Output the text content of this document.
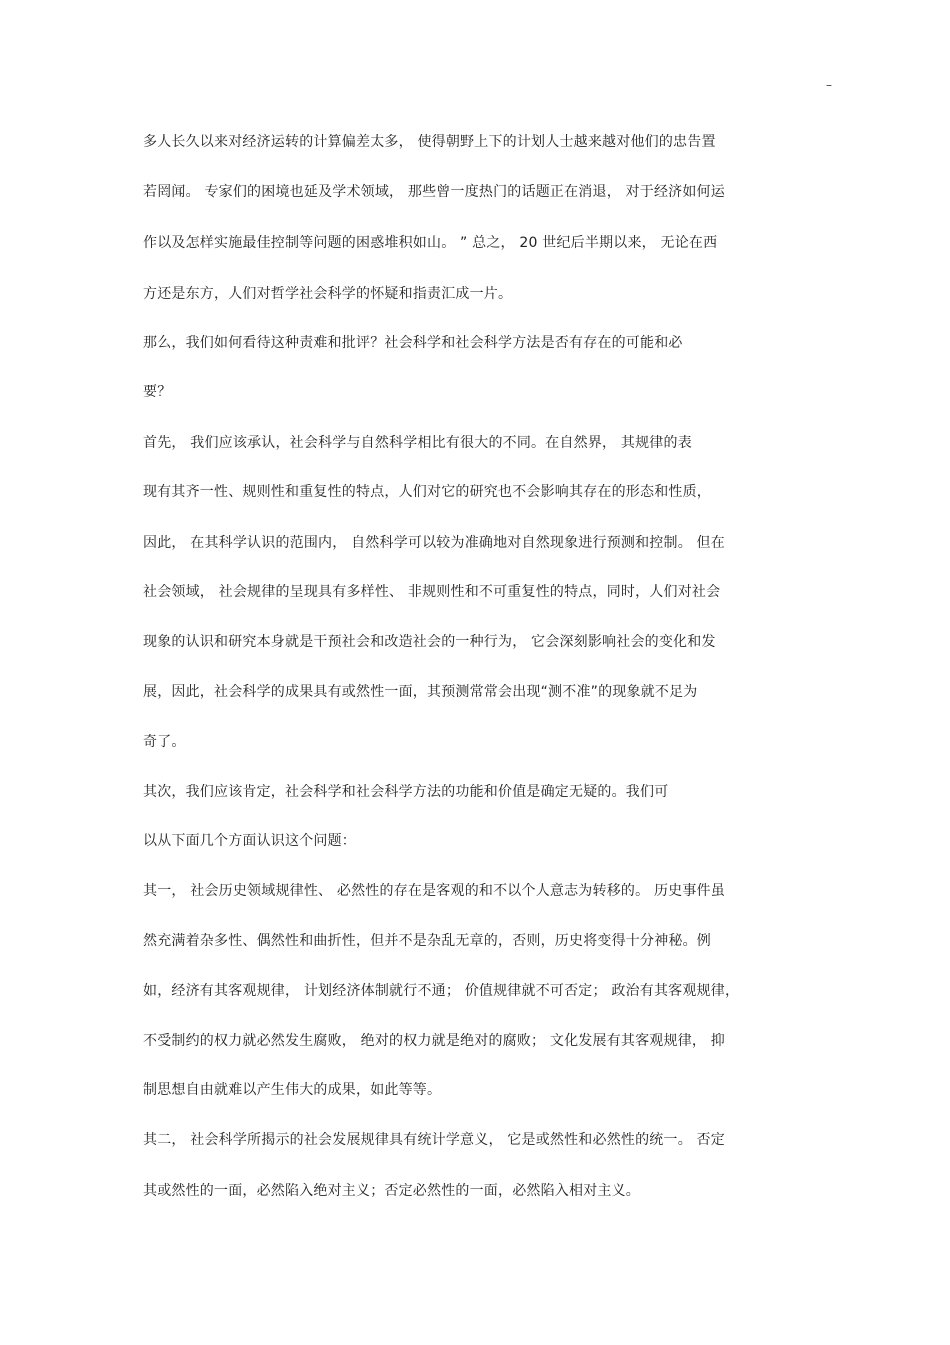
–
多人长久以来对经济运转的计算偏差太多， 使得朝野上下的计划人士越来越对他们的忠告置
若罔闻。 专家们的困境也延及学术领域， 那些曾一度热门的话题正在消退， 对于经济如何运
作以及怎样实施最佳控制等问题的困惑堆积如山。 ” 总之， 20 世纪后半期以来， 无论在西
方还是东方，人们对哲学社会科学的怀疑和指责汇成一片。
那么，我们如何看待这种责难和批评？社会科学和社会科学方法是否有存在的可能和必
要？
首先， 我们应该承认，社会科学与自然科学相比有很大的不同。在自然界， 其规律的表
现有其齐一性、规则性和重复性的特点，人们对它的研究也不会影响其存在的形态和性质，
因此， 在其科学认识的范围内， 自然科学可以较为准确地对自然现象进行预测和控制。 但在
社会领域， 社会规律的呈现具有多样性、 非规则性和不可重复性的特点，同时，人们对社会
现象的认识和研究本身就是干预社会和改造社会的一种行为， 它会深刻影响社会的变化和发
展，因此，社会科学的成果具有或然性一面，其预测常常会出现“测不准”的现象就不足为
奇了。
其次，我们应该肯定，社会科学和社会科学方法的功能和价值是确定无疑的。我们可
以从下面几个方面认识这个问题：
其一， 社会历史领域规律性、 必然性的存在是客观的和不以个人意志为转移的。 历史事件虽
然充满着杂多性、偶然性和曲折性，但并不是杂乱无章的，否则，历史将变得十分神秘。例
如，经济有其客观规律， 计划经济体制就行不通； 价值规律就不可否定； 政治有其客观规律，
不受制约的权力就必然发生腐败， 绝对的权力就是绝对的腐败； 文化发展有其客观规律， 抑
制思想自由就难以产生伟大的成果，如此等等。
其二， 社会科学所揭示的社会发展规律具有统计学意义， 它是或然性和必然性的统一。 否定
其或然性的一面，必然陷入绝对主义；否定必然性的一面，必然陷入相对主义。
